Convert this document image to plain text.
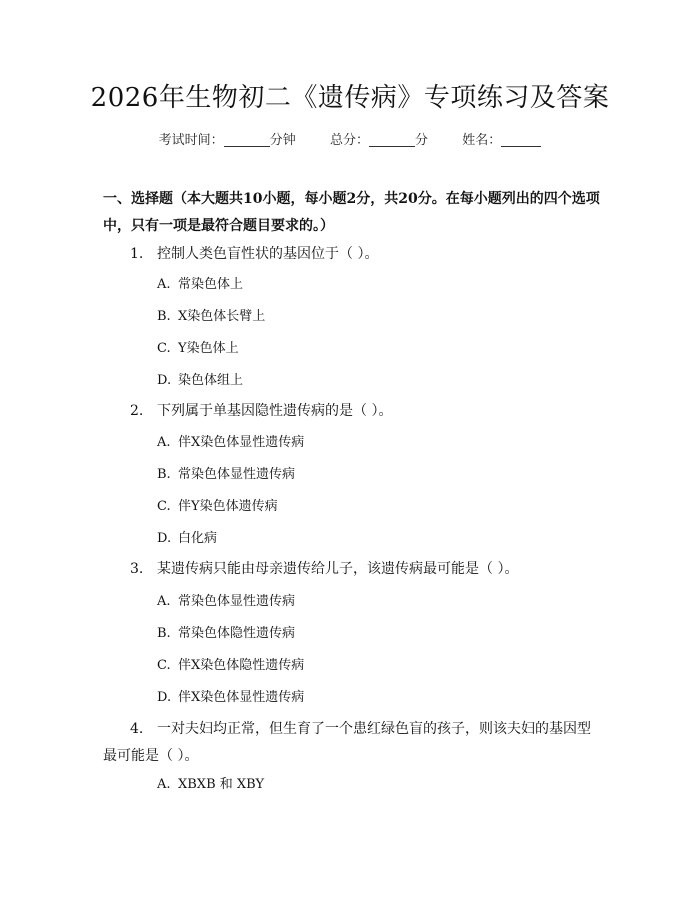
2026年生物初二《遗传病》专项练习及答案
考试时间：	分钟	总分：	分	姓名：
一、选择题（本大题共10小题，每小题2分，共20分。在每小题列出的四个选项中，只有一项是最符合题目要求的。）
1. 控制人类色盲性状的基因位于（ ）。
A. 常染色体上
B. X染色体长臂上
C. Y染色体上
D. 染色体组上
2. 下列属于单基因隐性遗传病的是（ ）。
A. 伴X染色体显性遗传病
B. 常染色体显性遗传病
C. 伴Y染色体遗传病
D. 白化病
3. 某遗传病只能由母亲遗传给儿子，该遗传病最可能是（ ）。
A. 常染色体显性遗传病
B. 常染色体隐性遗传病
C. 伴X染色体隐性遗传病
D. 伴X染色体显性遗传病
4. 一对夫妇均正常，但生育了一个患红绿色盲的孩子，则该夫妇的基因型最可能是（ ）。
A. XBXB 和 XBY
